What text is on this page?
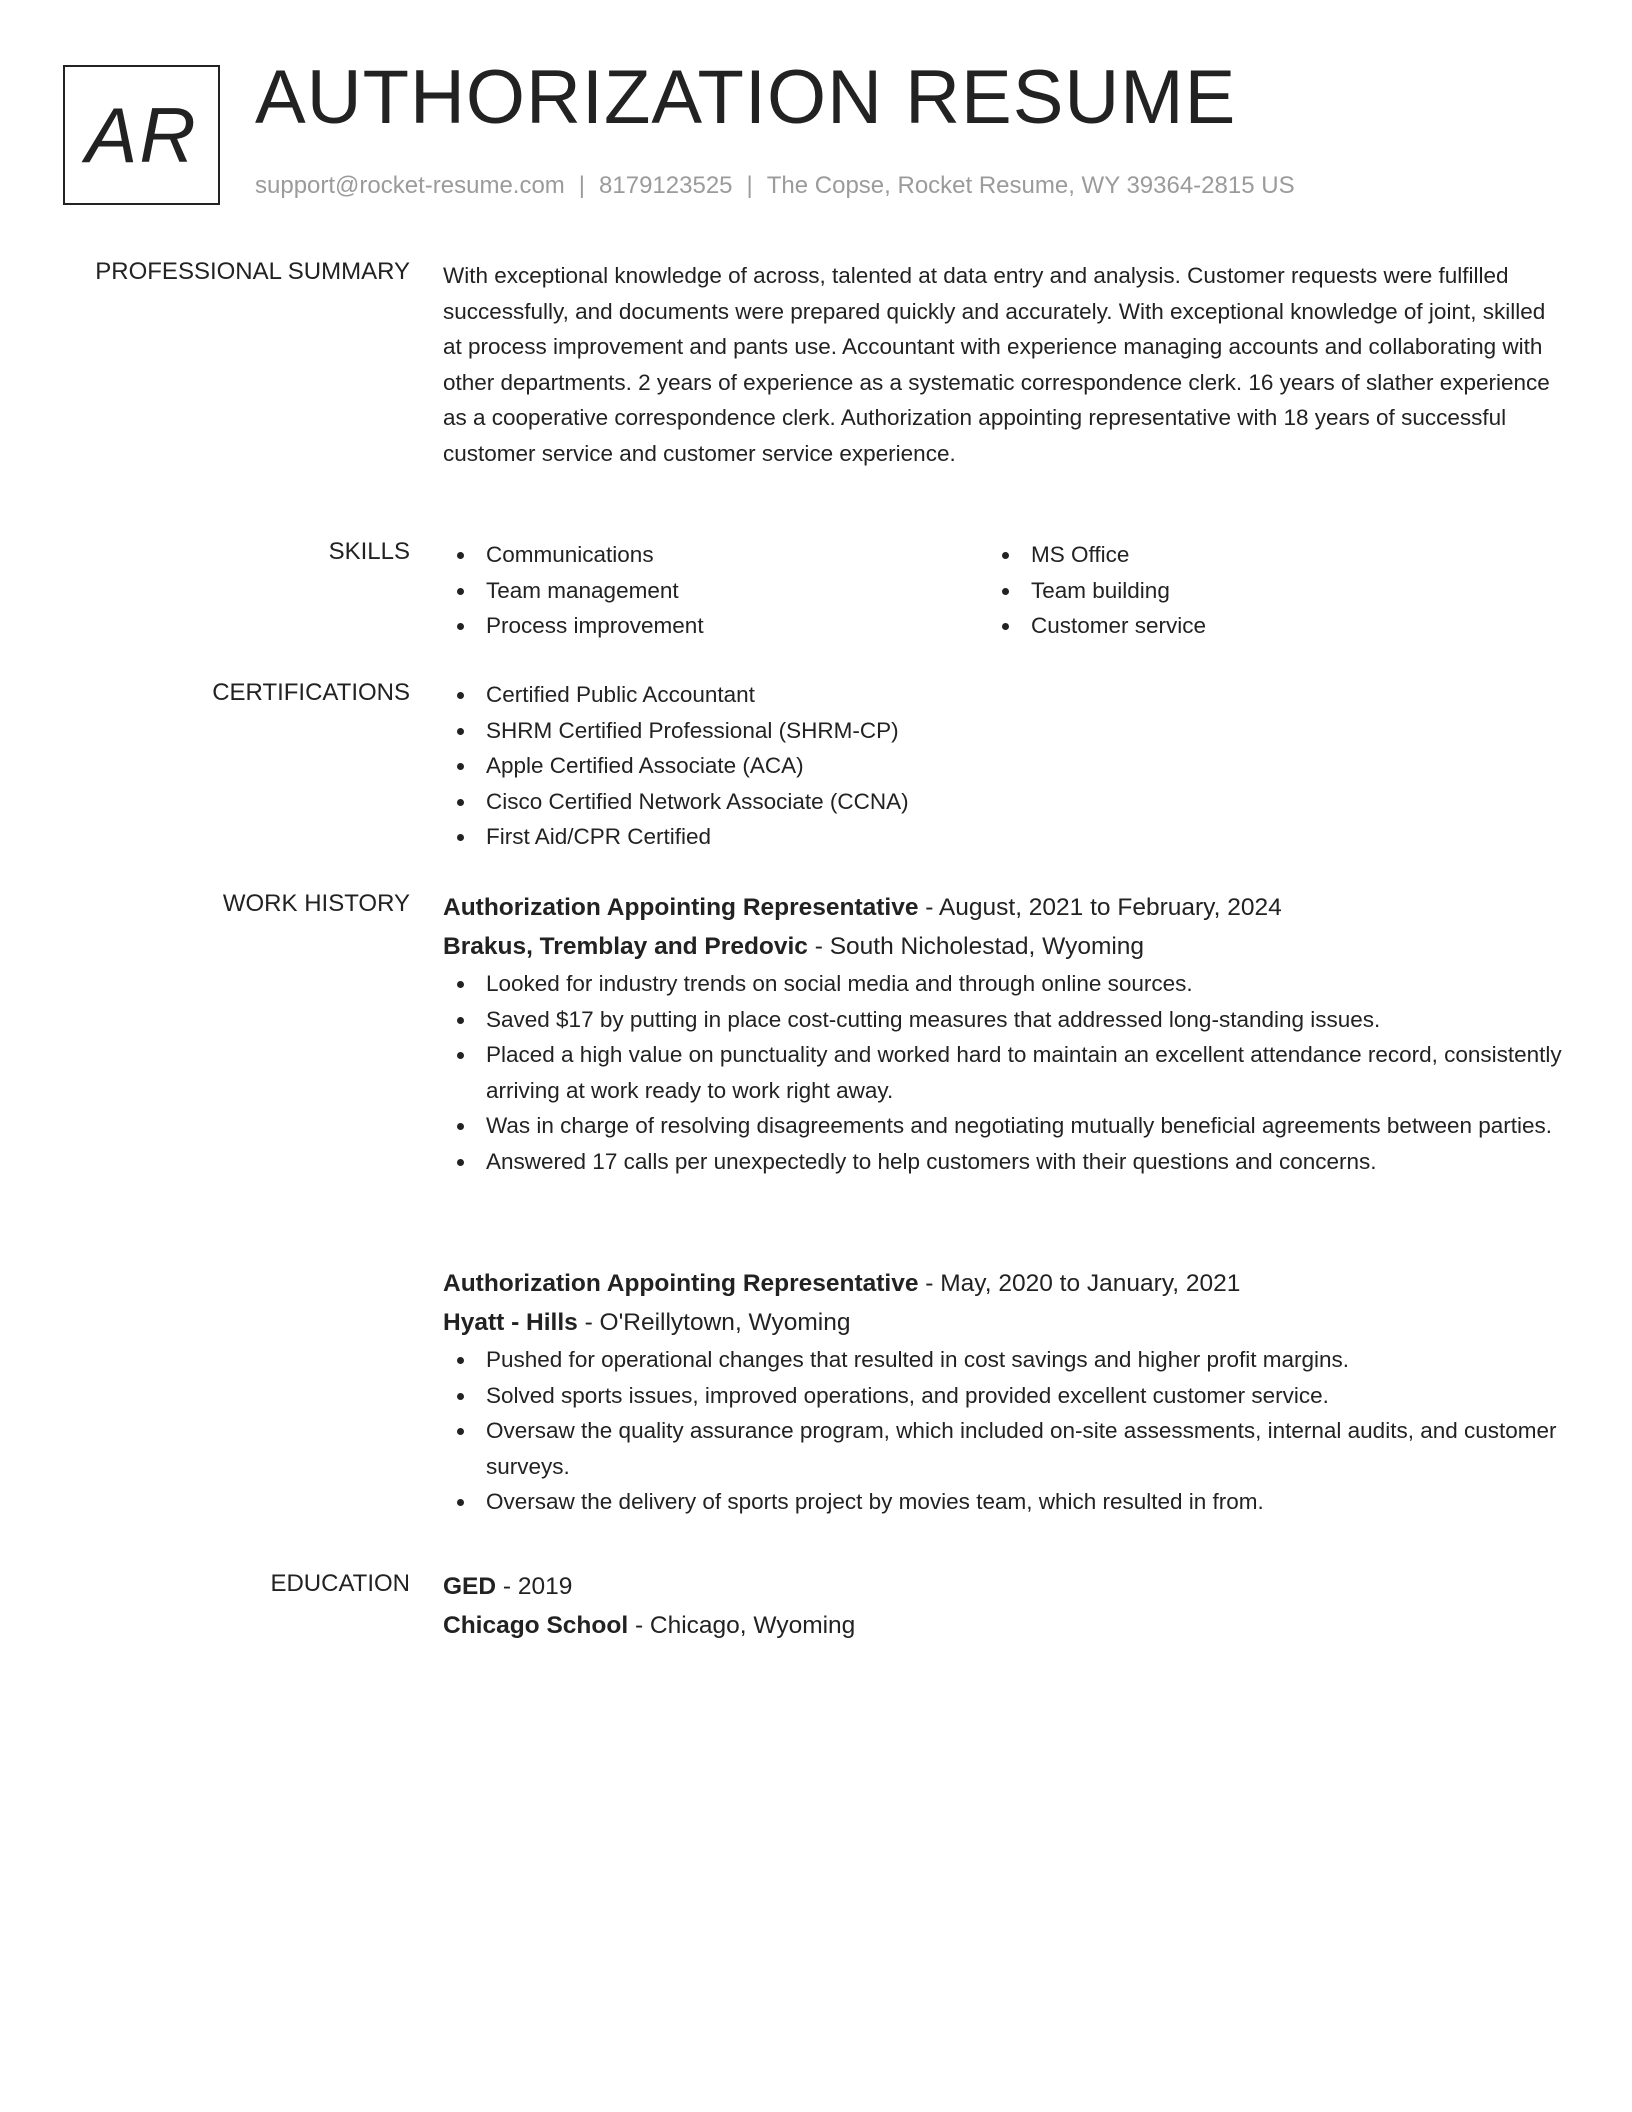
AR AUTHORIZATION RESUME
support@rocket-resume.com | 8179123525 | The Copse, Rocket Resume, WY 39364-2815 US
PROFESSIONAL SUMMARY With exceptional knowledge of across, talented at data entry and analysis. Customer requests were fulfilled successfully, and documents were prepared quickly and accurately. With exceptional knowledge of joint, skilled at process improvement and pants use. Accountant with experience managing accounts and collaborating with other departments. 2 years of experience as a systematic correspondence clerk. 16 years of slather experience as a cooperative correspondence clerk. Authorization appointing representative with 18 years of successful customer service and customer service experience.
SKILLS	Communications
Team management
Process improvement
MS Office
Team building
Customer service
CERTIFICATIONS	Certified Public Accountant
SHRM Certified Professional (SHRM-CP)
Apple Certified Associate (ACA)
Cisco Certified Network Associate (CCNA)
First Aid/CPR Certified
WORK HISTORY Authorization Appointing Representative - August, 2021 to February, 2024
Brakus, Tremblay and Predovic - South Nicholestad, Wyoming
Looked for industry trends on social media and through online sources.
Saved $17 by putting in place cost-cutting measures that addressed long-standing issues.
Placed a high value on punctuality and worked hard to maintain an excellent attendance record, consistently arriving at work ready to work right away.
Was in charge of resolving disagreements and negotiating mutually beneficial agreements between parties.
Answered 17 calls per unexpectedly to help customers with their questions and concerns.
Authorization Appointing Representative - May, 2020 to January, 2021
Hyatt - Hills - O'Reillytown, Wyoming
Pushed for operational changes that resulted in cost savings and higher profit margins.
Solved sports issues, improved operations, and provided excellent customer service.
Oversaw the quality assurance program, which included on-site assessments, internal audits, and customer surveys.
Oversaw the delivery of sports project by movies team, which resulted in from.
EDUCATION GED - 2019
Chicago School - Chicago, Wyoming
